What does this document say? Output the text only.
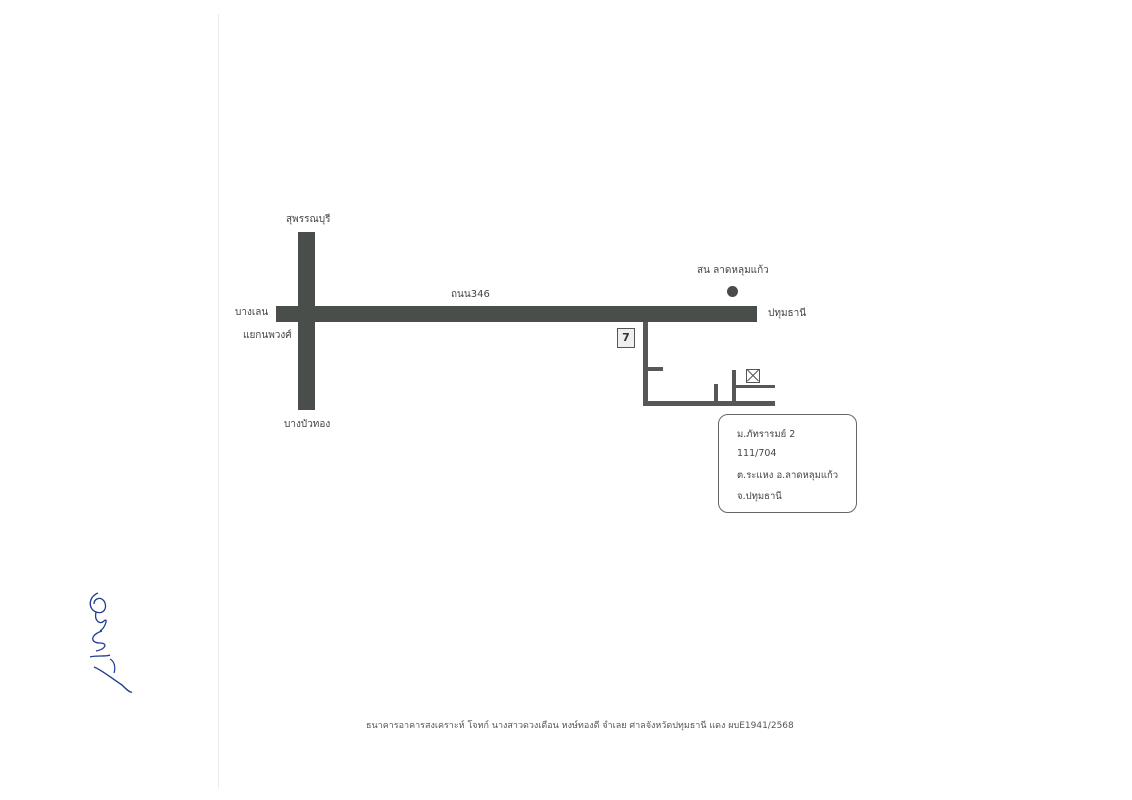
สุพรรณบุรี
บางเลน
แยกนพวงศ์
บางบัวทอง
ปทุมธานี
ถนน346
สน ลาดหลุมแก้ว
7
ม.ภัทรารมย์ 2
111/704
ต.ระแหง อ.ลาดหลุมแก้ว
จ.ปทุมธานี
ธนาคารอาคารสงเคราะห์ โจทก์ นางสาวดวงเดือน หงษ์ทองดี จำเลย ศาลจังหวัดปทุมธานี แดง ผบE1941/2568
